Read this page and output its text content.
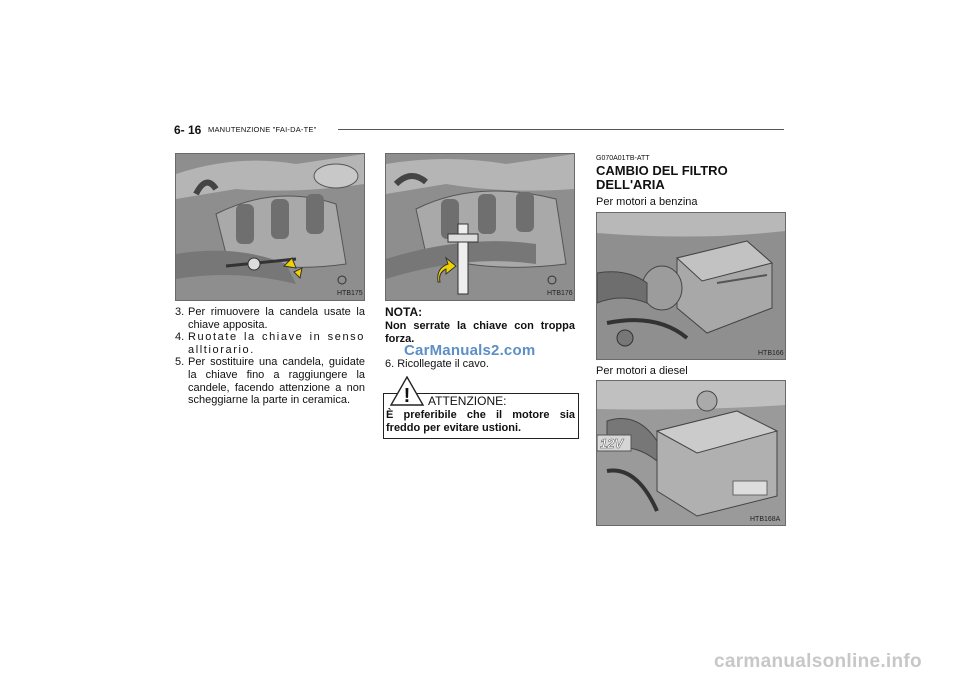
6- 16 MANUTENZIONE "FAI-DA-TE"
HTB175

3. Per rimuovere la candela usate la chiave apposita.

4. Ruotate la chiave in senso alltiorario.

5. Per sostituire una candela, guidate la chiave fino a raggiungere la candele, facendo attenzione a non scheggiarne la parte in ceramica.

HTB176
NOTA:
Non serrate la chiave con troppa forza.
6. Ricollegate il cavo.
CarManuals2.com
! ATTENZIONE:
È preferibile che il motore sia freddo per evitare ustioni.
G070A01TB-ATT
CAMBIO DEL FILTRO
DELL'ARIA
Per motori a benzina
HTB166
Per motori a diesel
12V
HTB168A
carmanualsonline.info
